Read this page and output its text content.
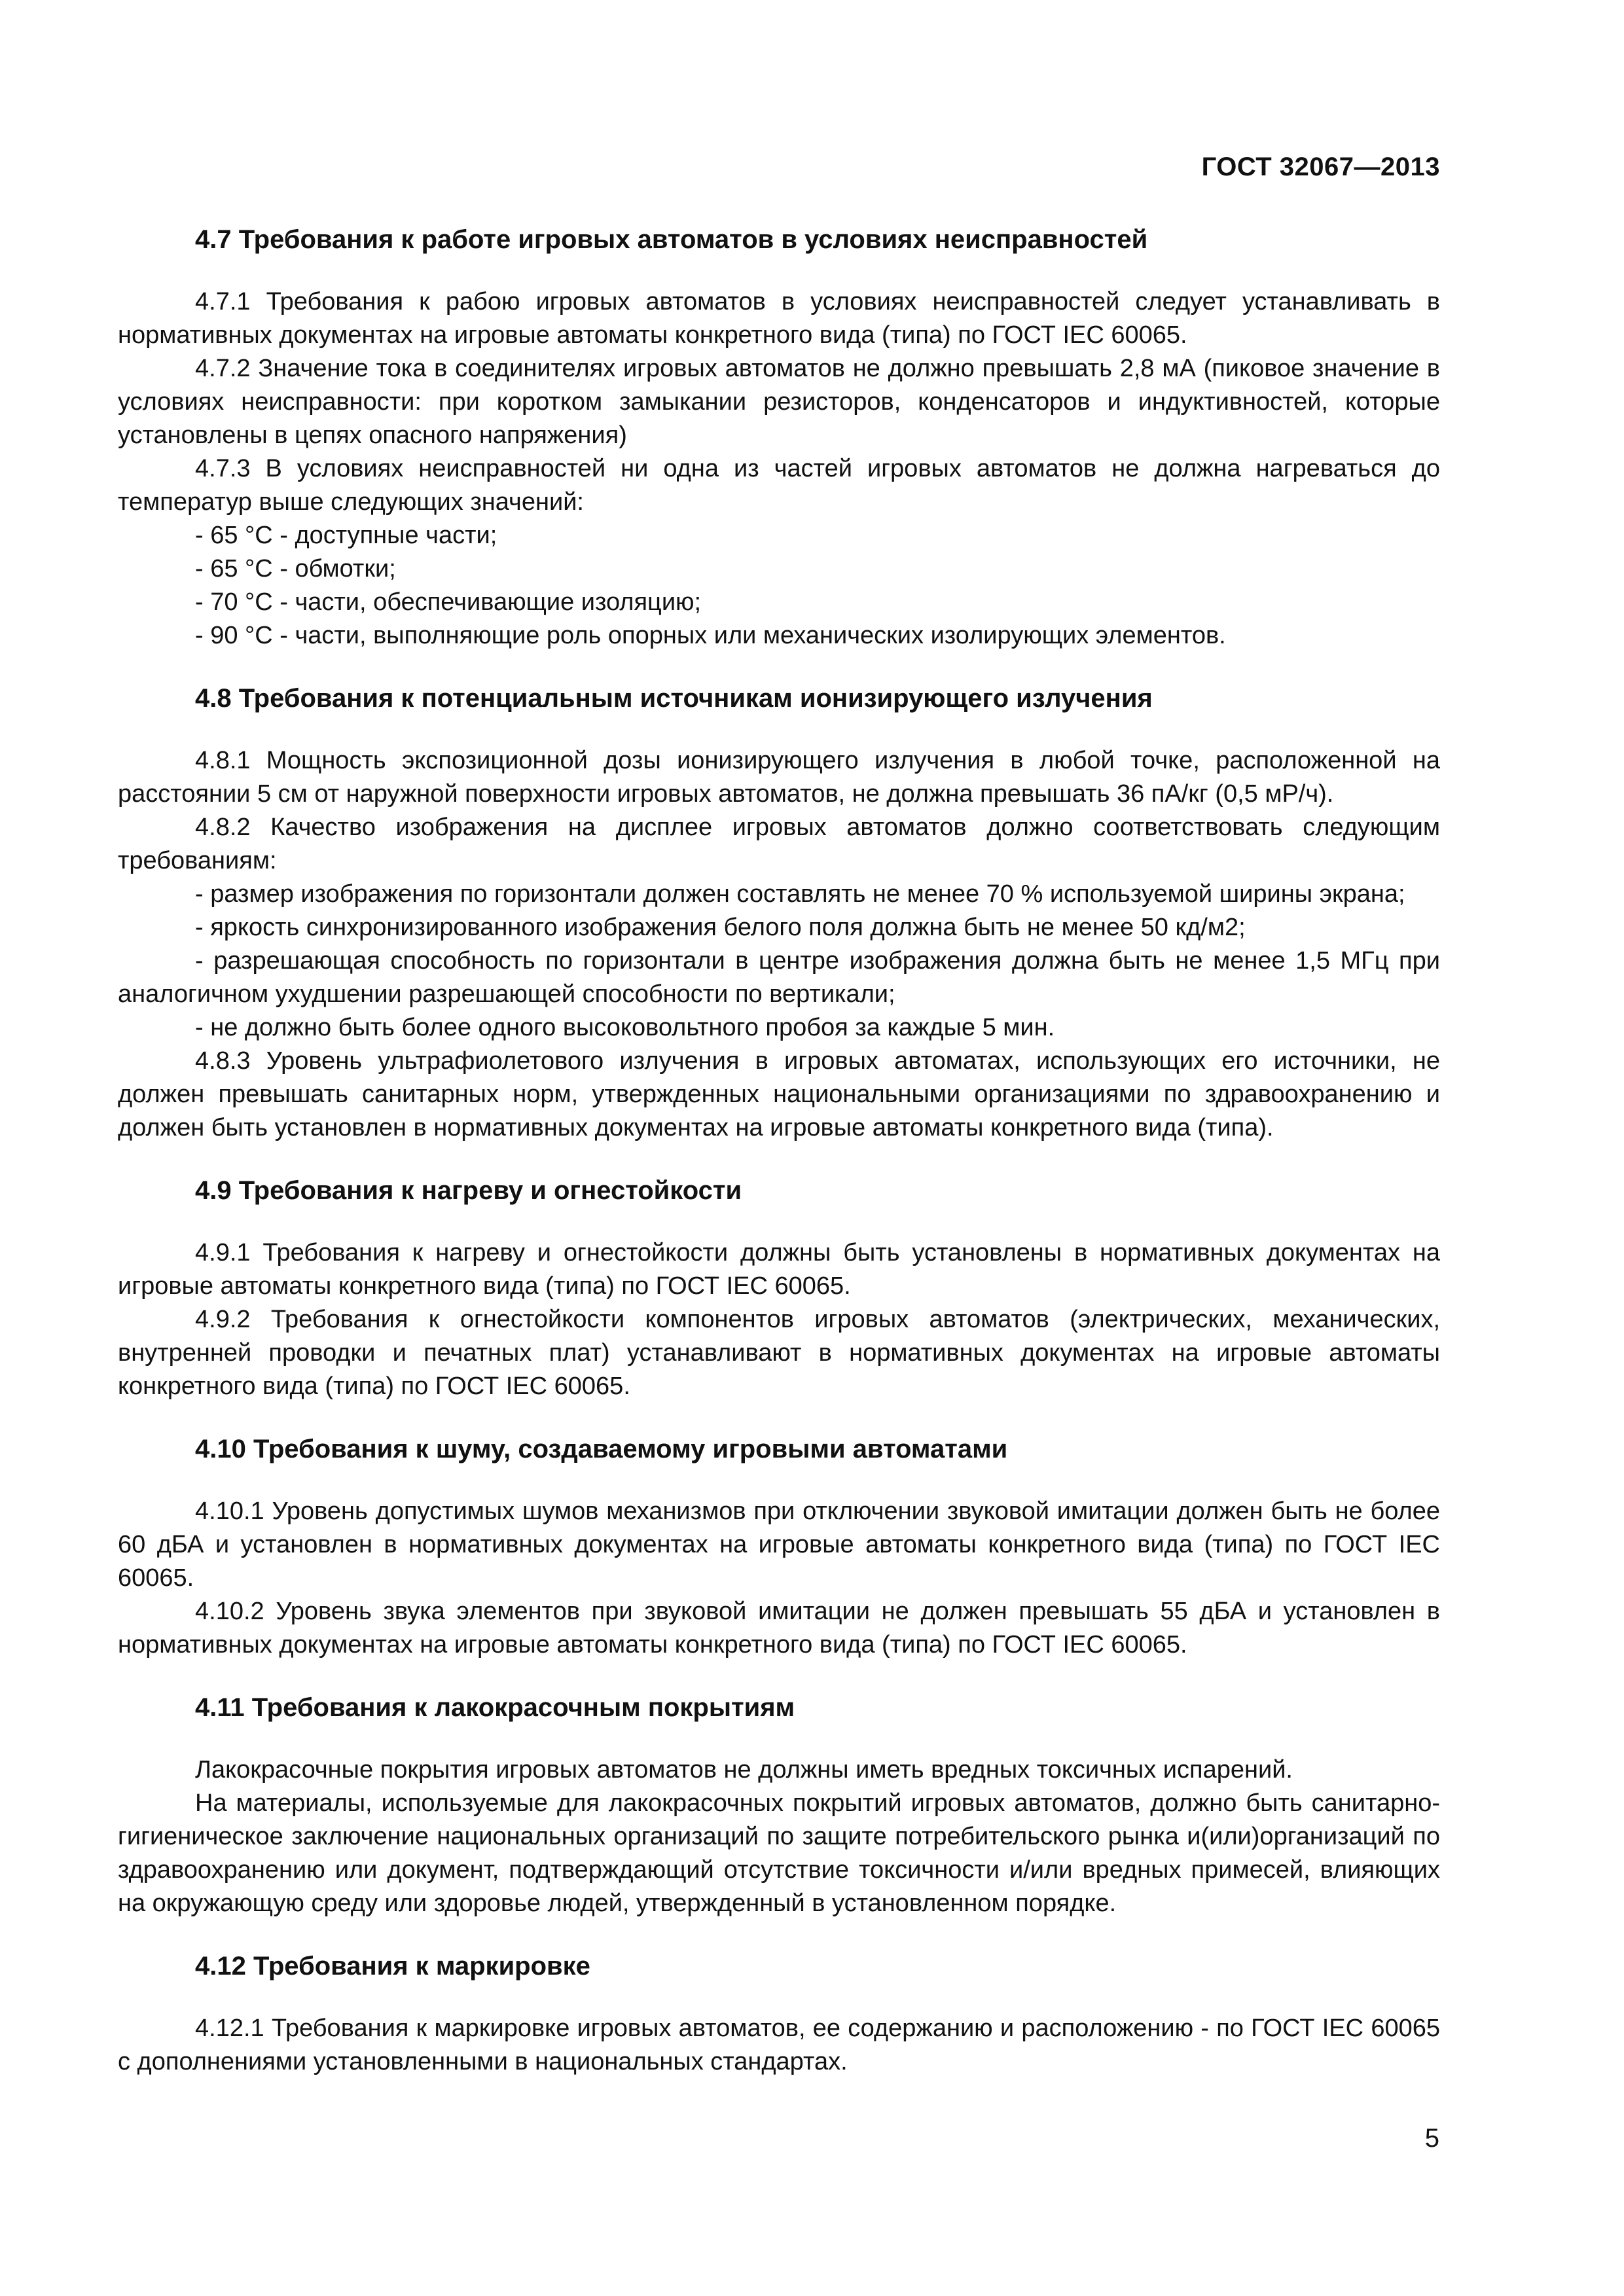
ГОСТ 32067—2013
4.7 Требования к работе игровых автоматов в условиях неисправностей

4.7.1 Требования к рабою игровых автоматов в условиях неисправностей следует устанавливать в нормативных документах на игровые автоматы конкретного вида (типа) по ГОСТ IEC 60065.

4.7.2 Значение тока в соединителях игровых автоматов не должно превышать 2,8 мА (пиковое значение в условиях неисправности: при коротком замыкании резисторов, конденсаторов и индуктивностей, которые установлены в цепях опасного напряжения)

4.7.3 В условиях неисправностей ни одна из частей игровых автоматов не должна нагреваться до температур выше следующих значений:

- 65 °С - доступные части;

- 65 °С - обмотки;

- 70 °С - части, обеспечивающие изоляцию;

- 90 °С - части, выполняющие роль опорных или механических изолирующих элементов.

4.8 Требования к потенциальным источникам ионизирующего излучения

4.8.1 Мощность экспозиционной дозы ионизирующего излучения в любой точке, расположенной на расстоянии 5 см от наружной поверхности игровых автоматов, не должна превышать 36 пА/кг (0,5 мР/ч).

4.8.2 Качество изображения на дисплее игровых автоматов должно соответствовать следующим требованиям:

- размер изображения по горизонтали должен составлять не менее 70 % используемой ширины экрана;

- яркость синхронизированного изображения белого поля должна быть не менее 50 кд/м2;

- разрешающая способность по горизонтали в центре изображения должна быть не менее 1,5 МГц при аналогичном ухудшении разрешающей способности по вертикали;

- не должно быть более одного высоковольтного пробоя за каждые 5 мин.

4.8.3 Уровень ультрафиолетового излучения в игровых автоматах, использующих его источники, не должен превышать санитарных норм, утвержденных национальными организациями по здравоохранению и должен быть установлен в нормативных документах на игровые автоматы конкретного вида (типа).

4.9 Требования к нагреву и огнестойкости

4.9.1 Требования к нагреву и огнестойкости должны быть установлены в нормативных документах на игровые автоматы конкретного вида (типа) по ГОСТ IEC 60065.

4.9.2 Требования к огнестойкости компонентов игровых автоматов (электрических, механических, внутренней проводки и печатных плат) устанавливают в нормативных документах на игровые автоматы конкретного вида (типа) по ГОСТ IEC 60065.

4.10 Требования к шуму, создаваемому игровыми автоматами

4.10.1 Уровень допустимых шумов механизмов при отключении звуковой имитации должен быть не более 60 дБА и установлен в нормативных документах на игровые автоматы конкретного вида (типа) по ГОСТ IEC 60065.

4.10.2 Уровень звука элементов при звуковой имитации не должен превышать 55 дБА и установлен в нормативных документах на игровые автоматы конкретного вида (типа) по ГОСТ IEC 60065.

4.11 Требования к лакокрасочным покрытиям

Лакокрасочные покрытия игровых автоматов не должны иметь вредных токсичных испарений.

На материалы, используемые для лакокрасочных покрытий игровых автоматов, должно быть санитарно-гигиеническое заключение национальных организаций по защите потребительского рынка и(или)организаций по здравоохранению или документ, подтверждающий отсутствие токсичности и/или вредных примесей, влияющих на окружающую среду или здоровье людей, утвержденный в установленном порядке.

4.12 Требования к маркировке

4.12.1 Требования к маркировке игровых автоматов, ее содержанию и расположению - по ГОСТ IEC 60065 с дополнениями установленными в национальных стандартах.

5
